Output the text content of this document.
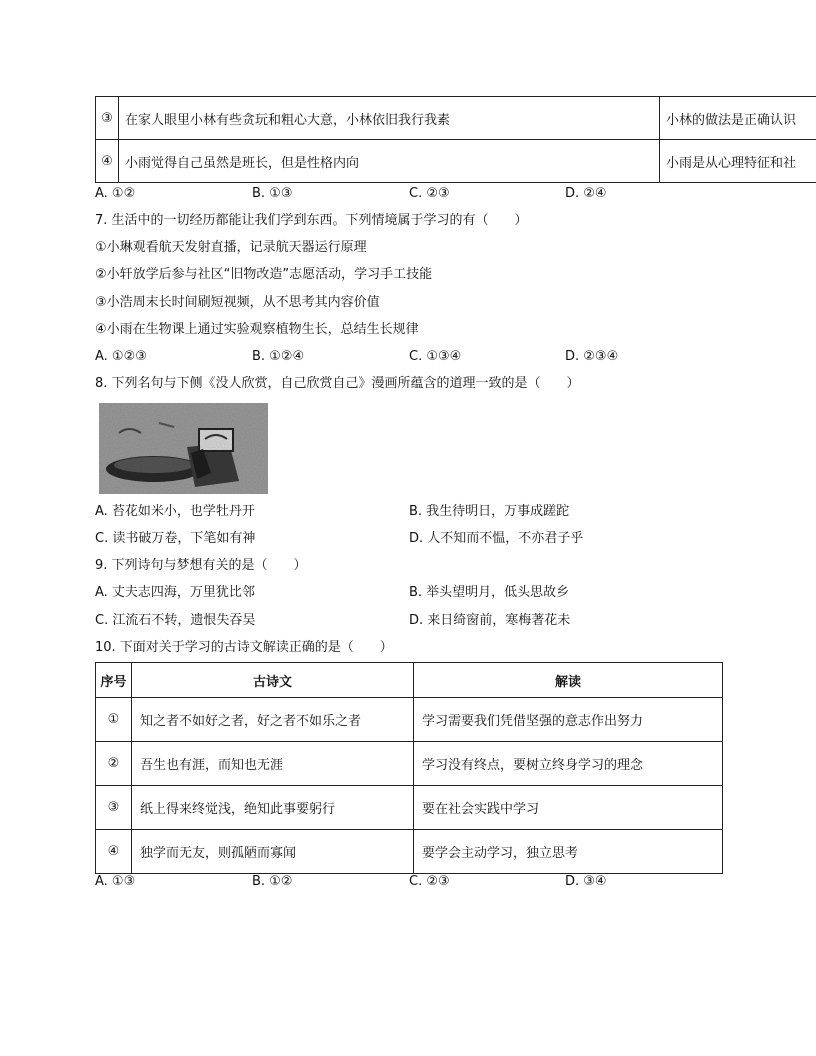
③	在家人眼里小林有些贪玩和粗心大意，小林依旧我行我素	小林的做法是正确认识
④	小雨觉得自己虽然是班长，但是性格内向	小雨是从心理特征和社
A. ①②	B. ①③	C. ②③	D. ②④
7. 生活中的一切经历都能让我们学到东西。下列情境属于学习的有（　　）
①小琳观看航天发射直播，记录航天器运行原理
②小轩放学后参与社区“旧物改造”志愿活动，学习手工技能
③小浩周末长时间刷短视频，从不思考其内容价值
④小雨在生物课上通过实验观察植物生长，总结生长规律
A. ①②③	B. ①②④	C. ①③④	D. ②③④
8. 下列名句与下侧《没人欣赏，自己欣赏自己》漫画所蕴含的道理一致的是（　　）
A. 苔花如米小，也学牡丹开	B. 我生待明日，万事成蹉跎
C. 读书破万卷，下笔如有神	D. 人不知而不愠，不亦君子乎
9. 下列诗句与梦想有关的是（　　）
A. 丈夫志四海，万里犹比邻	B. 举头望明月，低头思故乡
C. 江流石不转，遗恨失吞吴	D. 来日绮窗前，寒梅著花未
10. 下面对关于学习的古诗文解读正确的是（　　）
序号	古诗文	解读
①	知之者不如好之者，好之者不如乐之者	学习需要我们凭借坚强的意志作出努力
②	吾生也有涯，而知也无涯	学习没有终点，要树立终身学习的理念
③	纸上得来终觉浅，绝知此事要躬行	要在社会实践中学习
④	独学而无友，则孤陋而寡闻	要学会主动学习，独立思考
A. ①③	B. ①②	C. ②③	D. ③④
